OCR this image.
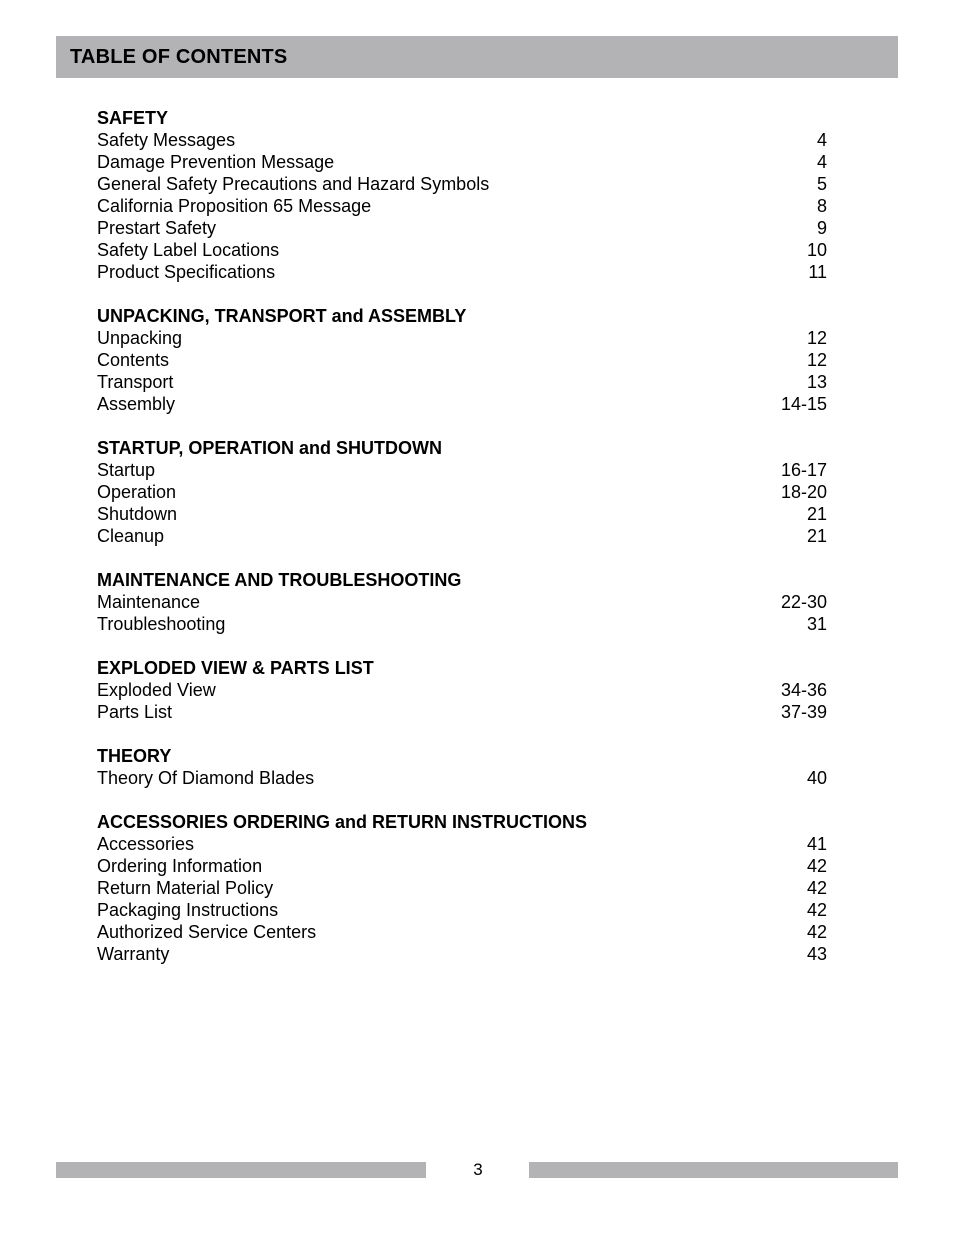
TABLE OF CONTENTS
SAFETY
Safety Messages	4
Damage Prevention Message	4
General Safety Precautions and Hazard Symbols	5
California Proposition 65 Message	8
Prestart Safety	9
Safety Label Locations	10
Product Specifications	11
UNPACKING, TRANSPORT and ASSEMBLY
Unpacking	12
Contents	12
Transport	13
Assembly	14-15
STARTUP, OPERATION and SHUTDOWN
Startup	16-17
Operation	18-20
Shutdown	21
Cleanup	21
MAINTENANCE AND TROUBLESHOOTING
Maintenance	22-30
Troubleshooting	31
EXPLODED VIEW & PARTS LIST
Exploded View	34-36
Parts List	37-39
THEORY
Theory Of Diamond Blades	40
ACCESSORIES ORDERING and RETURN INSTRUCTIONS
Accessories	41
Ordering Information	42
Return Material Policy	42
Packaging Instructions	42
Authorized Service Centers	42
Warranty	43
3
